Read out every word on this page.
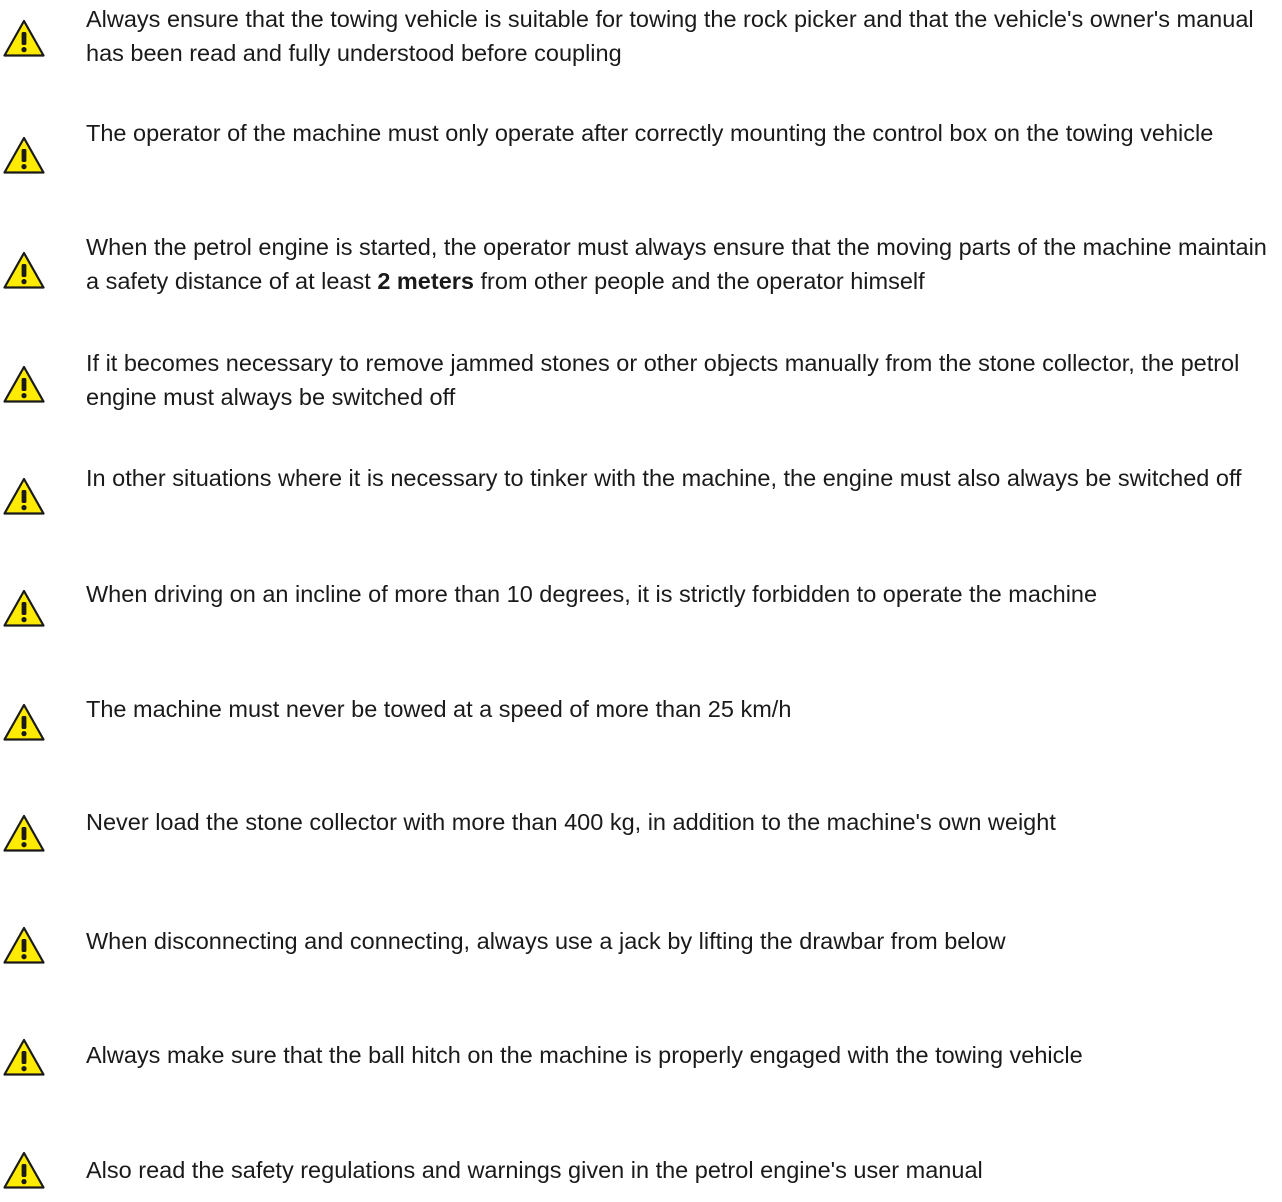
Always ensure that the towing vehicle is suitable for towing the rock picker and that the vehicle's owner's manual has been read and fully understood before coupling
The operator of the machine must only operate after correctly mounting the control box on the towing vehicle
When the petrol engine is started, the operator must always ensure that the moving parts of the machine maintain a safety distance of at least 2 meters from other people and the operator himself
If it becomes necessary to remove jammed stones or other objects manually from the stone collector, the petrol engine must always be switched off
In other situations where it is necessary to tinker with the machine, the engine must also always be switched off
When driving on an incline of more than 10 degrees, it is strictly forbidden to operate the machine
The machine must never be towed at a speed of more than 25 km/h
Never load the stone collector with more than 400 kg, in addition to the machine's own weight
When disconnecting and connecting, always use a jack by lifting the drawbar from below
Always make sure that the ball hitch on the machine is properly engaged with the towing vehicle
Also read the safety regulations and warnings given in the petrol engine's user manual
